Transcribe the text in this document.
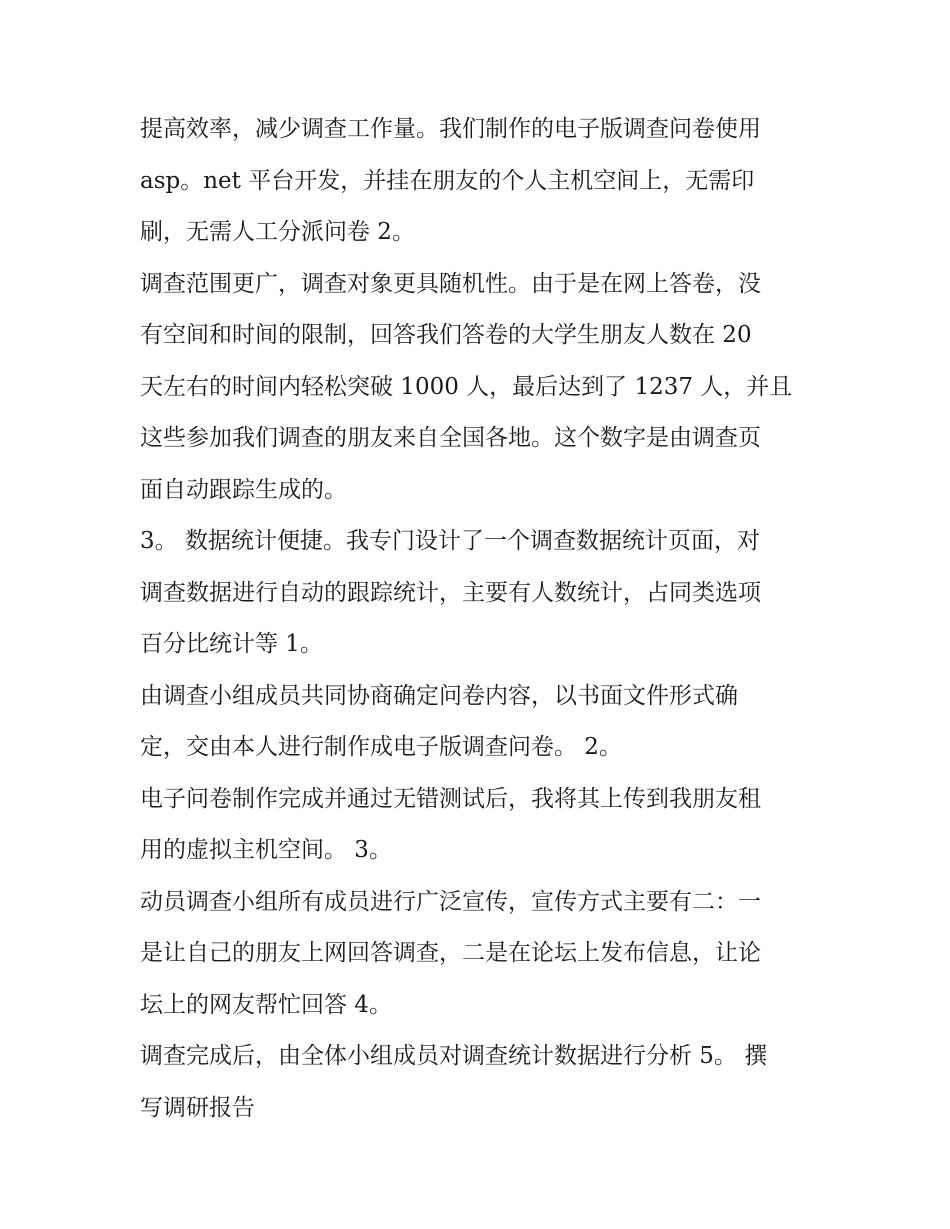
提高效率，减少调查工作量。我们制作的电子版调查问卷使用
asp。net 平台开发，并挂在朋友的个人主机空间上，无需印
刷，无需人工分派问卷 2。
调查范围更广，调查对象更具随机性。由于是在网上答卷，没
有空间和时间的限制，回答我们答卷的大学生朋友人数在 20
天左右的时间内轻松突破 1000 人，最后达到了 1237 人，并且
这些参加我们调查的朋友来自全国各地。这个数字是由调查页
面自动跟踪生成的。
3。 数据统计便捷。我专门设计了一个调查数据统计页面，对
调查数据进行自动的跟踪统计，主要有人数统计，占同类选项
百分比统计等 1。
由调查小组成员共同协商确定问卷内容，以书面文件形式确
定，交由本人进行制作成电子版调查问卷。 2。
电子问卷制作完成并通过无错测试后，我将其上传到我朋友租
用的虚拟主机空间。 3。
动员调查小组所有成员进行广泛宣传，宣传方式主要有二：一
是让自己的朋友上网回答调查，二是在论坛上发布信息，让论
坛上的网友帮忙回答 4。
调查完成后，由全体小组成员对调查统计数据进行分析 5。 撰
写调研报告
